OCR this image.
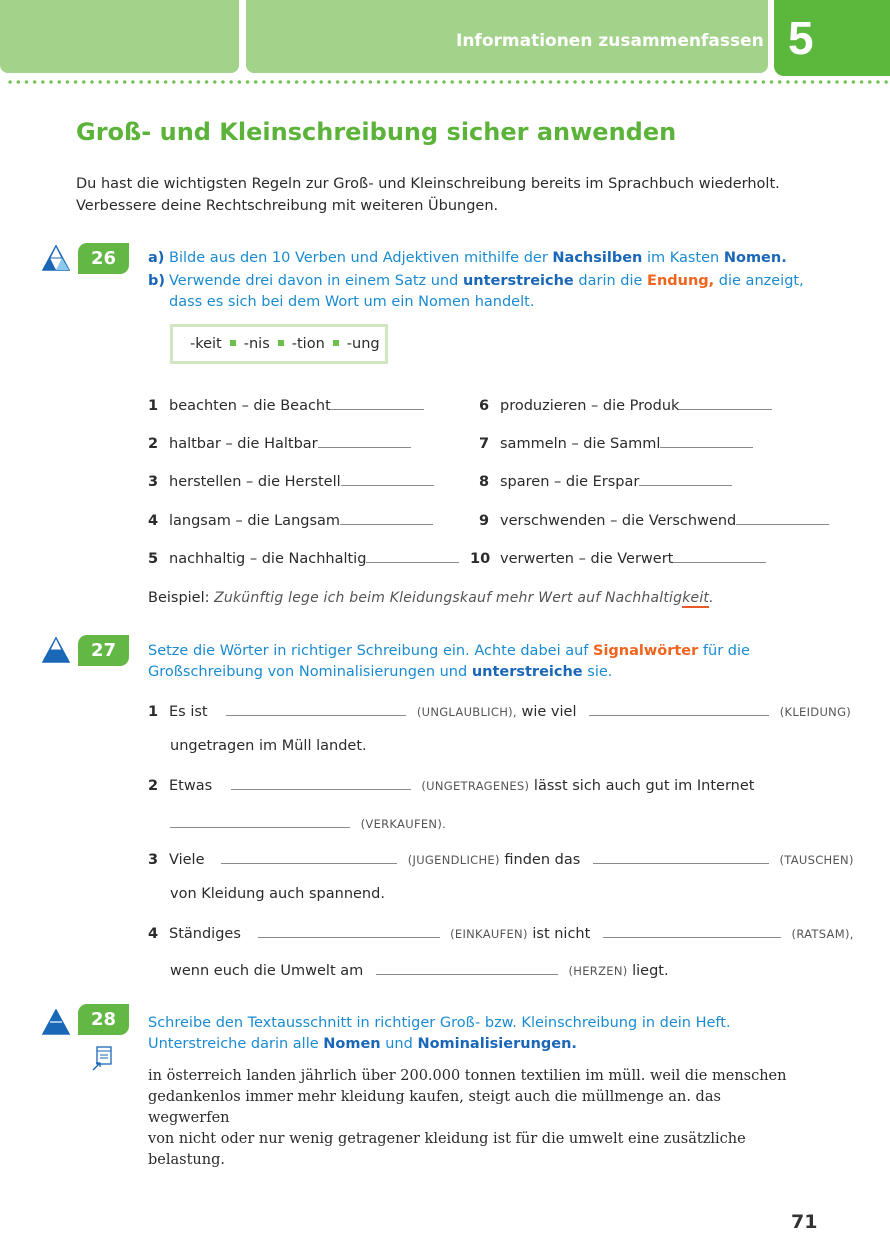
Informationen zusammenfassen 5
Groß- und Kleinschreibung sicher anwenden
Du hast die wichtigsten Regeln zur Groß- und Kleinschreibung bereits im Sprachbuch wiederholt.
Verbessere deine Rechtschreibung mit weiteren Übungen.
26	a) Bilde aus den 10 Verben und Adjektiven mithilfe der Nachsilben im Kasten Nomen.
b) Verwende drei davon in einem Satz und unterstreiche darin die Endung, die anzeigt,
dass es sich bei dem Wort um ein Nomen handelt.
-keit -nis -tion -ung
1 beachten – die Beacht
2 haltbar – die Haltbar
3 herstellen – die Herstell
4 langsam – die Langsam
5 nachhaltig – die Nachhaltig
6 produzieren – die Produk
7 sammeln – die Samml
8 sparen – die Erspar
9 verschwenden – die Verschwend
10 verwerten – die Verwert
Beispiel: Zukünftig lege ich beim Kleidungskauf mehr Wert auf Nachhaltigkeit.
27	Setze die Wörter in richtiger Schreibung ein. Achte dabei auf Signalwörter für die
Großschreibung von Nominalisierungen und unterstreiche sie.
1 Es ist	(UNGLAUBLICH), wie viel	(KLEIDUNG)
ungetragen im Müll landet.
2 Etwas	(UNGETRAGENES) lässt sich auch gut im Internet
(VERKAUFEN).
3 Viele	(JUGENDLICHE) finden das	(TAUSCHEN)
von Kleidung auch spannend.
4 Ständiges	(EINKAUFEN) ist nicht	(RATSAM),
wenn euch die Umwelt am	(HERZEN) liegt.
28	Schreibe den Textausschnitt in richtiger Groß- bzw. Kleinschreibung in dein Heft.
Unterstreiche darin alle Nomen und Nominalisierungen.
in österreich landen jährlich über 200.000 tonnen textilien im müll. weil die menschen
gedankenlos immer mehr kleidung kaufen, steigt auch die müllmenge an. das wegwerfen
von nicht oder nur wenig getragener kleidung ist für die umwelt eine zusätzliche belastung.
71
